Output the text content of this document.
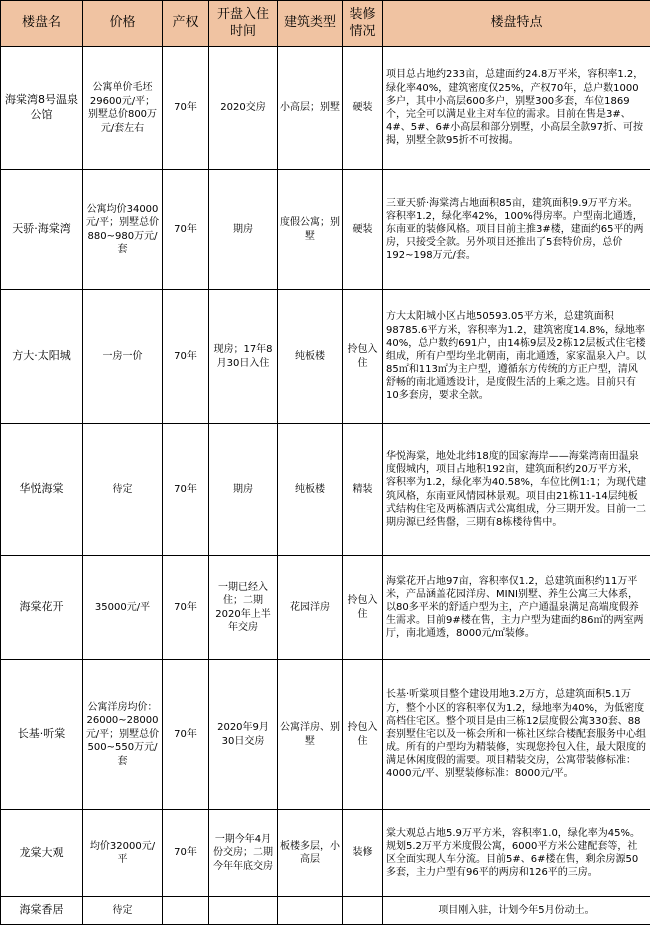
楼盘名	价格	产权	开盘入住时间	建筑类型	装修情况	楼盘特点
海棠湾8号温泉公馆	公寓单价毛坯29600元/平；别墅总价800万元/套左右	70年	2020交房	小高层；别墅	硬装	项目总占地约233亩，总建面约24.8万平米，容积率1.2，绿化率40%，建筑密度仅25%，产权70年，总户数1000多户，其中小高层600多户，别墅300多套，车位1869个，完全可以满足业主对车位的需求。目前在售是3#、4#、5#、6#小高层和部分别墅，小高层全款97折、可按揭，别墅全款95折不可按揭。
天骄·海棠湾	公寓均价34000元/平；别墅总价880~980万元/套	70年	期房	度假公寓；别墅	硬装	三亚天骄·海棠湾占地面积85亩，建筑面积9.9万平方米。容积率1.2，绿化率42%，100%得房率。户型南北通透，东南亚的装修风格。项目目前主推3#楼，建面约65平的两房，只接受全款。另外项目还推出了5套特价房，总价192~198万元/套。
方大·太阳城	一房一价	70年	现房；17年8月30日入住	纯板楼	拎包入住	方大太阳城小区占地50593.05平方米，总建筑面积98785.6平方米，容积率为1.2，建筑密度14.8%，绿地率40%，总户数约691户，由14栋9层及2栋12层板式住宅楼组成，所有户型均坐北朝南，南北通透，家家温泉入户。以85㎡和113㎡为主户型，遵循东方传统的方正户型，清风舒畅的南北通透设计，是度假生活的上乘之选。目前只有10多套房，要求全款。
华悦海棠	待定	70年	期房	纯板楼	精装	华悦海棠，地处北纬18度的国家海岸——海棠湾南田温泉度假城内，项目占地积192亩，建筑面积约20万平方米，容积率为1.2，绿化率为40.58%，车位比例1:1；为现代建筑风格，东南亚风情园林景观。项目由21栋11-14层纯板式结构住宅及两栋酒店式公寓组成，分三期开发。目前一二期房源已经售罄，三期有8栋楼待售中。
海棠花开	35000元/平	70年	一期已经入住；二期2020年上半年交房	花园洋房	拎包入住	海棠花开占地97亩，容积率仅1.2，总建筑面积约11万平米，产品涵盖花园洋房、MINI别墅、养生公寓三大体系，以80多平米的舒适户型为主，产户通温泉满足高端度假养生需求。目前9#楼在售，主力户型为建面约86㎡的两室两厅，南北通透，8000元/㎡装修。
长基·听棠	公寓洋房均价：26000~28000元/平；别墅总价500~550万元/套	70年	2020年9月30日交房	公寓洋房、别墅	拎包入住	长基·听棠项目整个建设用地3.2万方，总建筑面积5.1万方，整个小区的容积率仅为1.2，绿地率为40%，为低密度高档住宅区。整个项目是由三栋12层度假公寓330套、88套别墅住宅以及一栋会所和一栋社区综合楼配套服务中心组成。所有的户型均为精装修，实现您拎包入住，最大限度的满足休闲度假的需要。项目精装交房，公寓带装修标准：4000元/平、别墅装修标准：8000元/平。
龙棠大观	均价32000元/平	70年	一期今年4月份交房；二期今年年底交房	板楼多层，小高层	装修	棠大观总占地5.9万平方米，容积率1.0，绿化率为45%。规划5.2万平方米度假公寓，6000平方米公建配套等，社区全面实现人车分流。目前5#、6#楼在售，剩余房源50多套，主力户型有96平的两房和126平的三房。
海棠香居	待定					项目刚入驻，计划今年5月份动土。
